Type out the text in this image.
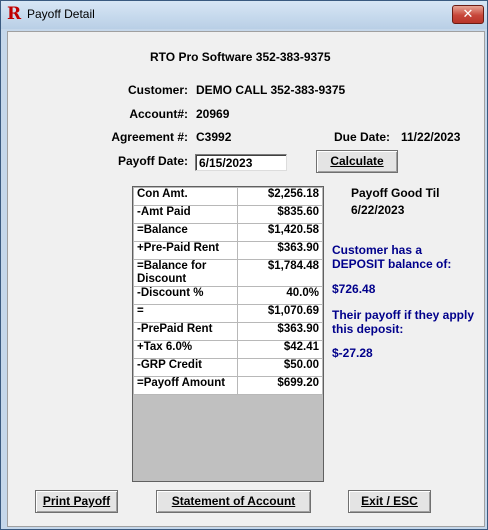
R Payoff Detail	✕
RTO Pro Software 352-383-9375
Customer: DEMO CALL 352-383-9375
Account#: 20969
Agreement #: C3992	Due Date: 11/22/2023
Payoff Date: 6/15/2023	Calculate
Con Amt.	$2,256.18
-Amt Paid	$835.60
=Balance	$1,420.58
+Pre-Paid Rent	$363.90
=Balance for Discount	$1,784.48
-Discount %	40.0%
=	$1,070.69
-PrePaid Rent	$363.90
+Tax 6.0%	$42.41
-GRP Credit	$50.00
=Payoff Amount	$699.20
Payoff Good Til
6/22/2023
Customer has a DEPOSIT balance of:
$726.48
Their payoff if they apply this deposit:
$-27.28
Print Payoff	Statement of Account	Exit / ESC
